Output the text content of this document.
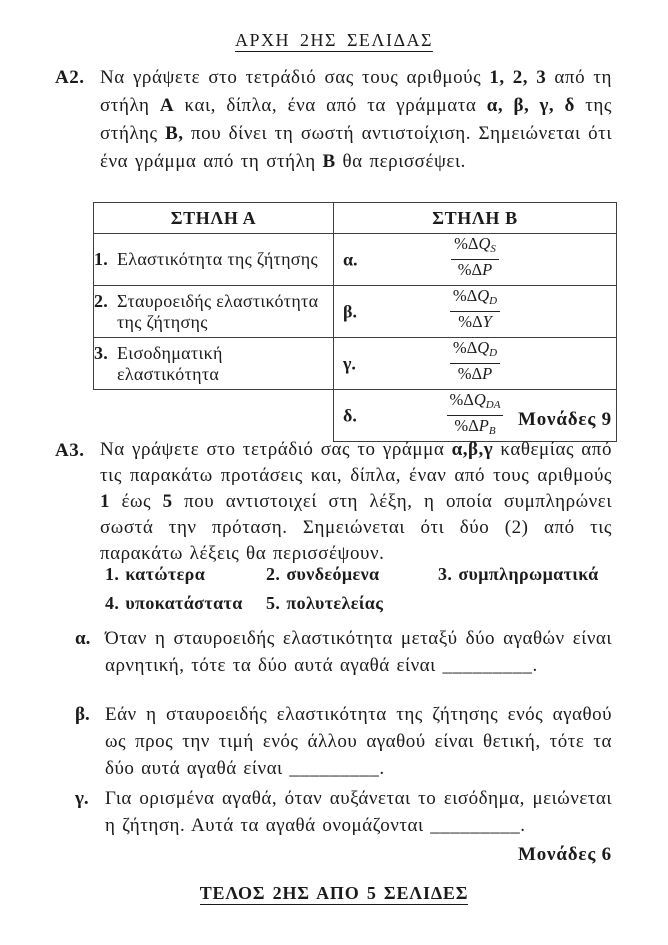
ΑΡΧΗ 2ΗΣ ΣΕΛΙΔΑΣ
Α2. Να γράψετε στο τετράδιό σας τους αριθμούς 1, 2, 3 από τη στήλη Α και, δίπλα, ένα από τα γράμματα α, β, γ, δ της στήλης Β, που δίνει τη σωστή αντιστοίχιση. Σημειώνεται ότι ένα γράμμα από τη στήλη Β θα περισσέψει.
ΣΤΗΛΗ Α	ΣΤΗΛΗ Β
1. Ελαστικότητα της ζήτησης	α. $\frac{\%\Delta Q_S}{\%\Delta P}$

2. Σταυροειδής ελαστικότητα της ζήτησης	β. $\frac{\%\Delta Q_D}{\%\Delta Y}$

3. Εισοδηματική ελαστικότητα	γ. $\frac{\%\Delta Q_D}{\%\Delta P}$

	δ. $\frac{\%\Delta Q_{DA}}{\%\Delta P_B}$ Μονάδες 9
Α3. Να γράψετε στο τετράδιό σας το γράμμα α,β,γ καθεμίας από τις παρακάτω προτάσεις και, δίπλα, έναν από τους αριθμούς 1 έως 5 που αντιστοιχεί στη λέξη, η οποία συμπληρώνει σωστά την πρόταση. Σημειώνεται ότι δύο (2) από τις παρακάτω λέξεις θα περισσέψουν.
1. κατώτερα	2. συνδεόμενα	3. συμπληρωματικά
4. υποκατάστατα	5. πολυτελείας
α. Όταν η σταυροειδής ελαστικότητα μεταξύ δύο αγαθών είναι αρνητική, τότε τα δύο αυτά αγαθά είναι _________.
β. Εάν η σταυροειδής ελαστικότητα της ζήτησης ενός αγαθού ως προς την τιμή ενός άλλου αγαθού είναι θετική, τότε τα δύο αυτά αγαθά είναι _________.
γ. Για ορισμένα αγαθά, όταν αυξάνεται το εισόδημα, μειώνεται η ζήτηση. Αυτά τα αγαθά ονομάζονται _________.
Μονάδες 6
ΤΕΛΟΣ 2ΗΣ ΑΠΟ 5 ΣΕΛΙΔΕΣ
